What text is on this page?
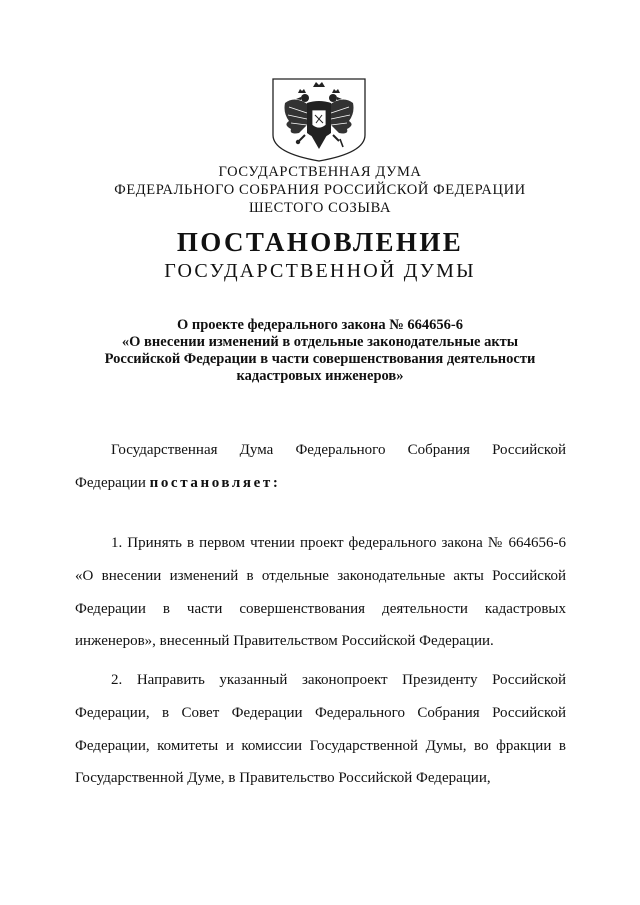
ГОСУДАРСТВЕННАЯ ДУМА
ФЕДЕРАЛЬНОГО СОБРАНИЯ РОССИЙСКОЙ ФЕДЕРАЦИИ
ШЕСТОГО СОЗЫВА
ПОСТАНОВЛЕНИЕ
ГОСУДАРСТВЕННОЙ ДУМЫ
О проекте федерального закона № 664656-6
«О внесении изменений в отдельные законодательные акты
Российской Федерации в части совершенствования деятельности
кадастровых инженеров»
Государственная Дума Федерального Собрания Российской Федерации постановляет:
1. Принять в первом чтении проект федерального закона № 664656-6 «О внесении изменений в отдельные законодательные акты Российской Федерации в части совершенствования деятельности кадастровых инженеров», внесенный Правительством Российской Федерации.
2. Направить указанный законопроект Президенту Российской Федерации, в Совет Федерации Федерального Собрания Российской Федерации, комитеты и комиссии Государственной Думы, во фракции в Государственной Думе, в Правительство Российской Федерации,
